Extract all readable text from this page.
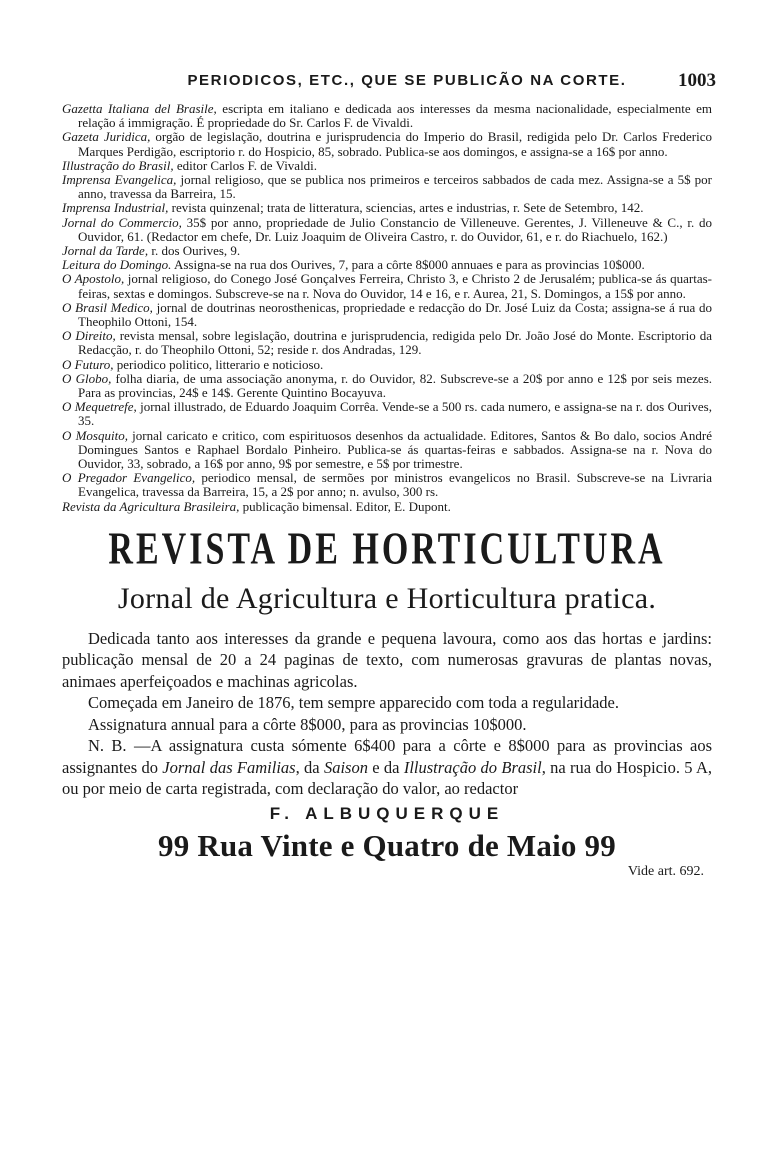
PERIODICOS, ETC., QUE SE PUBLICÃO NA CORTE.	1003

Gazetta Italiana del Brasile, escripta em italiano e dedicada aos interesses da mesma nacionalidade, especialmente em relação á immigração. É propriedade do Sr. Carlos F. de Vivaldi.

Gazeta Juridica, orgão de legislação, doutrina e jurisprudencia do Imperio do Brasil, redigida pelo Dr. Carlos Frederico Marques Perdigão, escriptorio r. do Hospicio, 85, sobrado. Publica-se aos domingos, e assigna-se a 16$ por anno.

Illustração do Brasil, editor Carlos F. de Vivaldi.

Imprensa Evangelica, jornal religioso, que se publica nos primeiros e terceiros sabbados de cada mez. Assigna-se a 5$ por anno, travessa da Barreira, 15.

Imprensa Industrial, revista quinzenal; trata de litteratura, sciencias, artes e industrias, r. Sete de Setembro, 142.

Jornal do Commercio, 35$ por anno, propriedade de Julio Constancio de Villeneuve. Gerentes, J. Villeneuve & C., r. do Ouvidor, 61. (Redactor em chefe, Dr. Luiz Joaquim de Oliveira Castro, r. do Ouvidor, 61, e r. do Riachuelo, 162.)

Jornal da Tarde, r. dos Ourives, 9.

Leitura do Domingo. Assigna-se na rua dos Ourives, 7, para a côrte 8$000 annuaes e para as provincias 10$000.

O Apostolo, jornal religioso, do Conego José Gonçalves Ferreira, Christo 3, e Christo 2 de Jerusalém; publica-se ás quartas-feiras, sextas e domingos. Subscreve-se na r. Nova do Ouvidor, 14 e 16, e r. Aurea, 21, S. Domingos, a 15$ por anno.

O Brasil Medico, jornal de doutrinas neorosthenicas, propriedade e redacção do Dr. José Luiz da Costa; assigna-se á rua do Theophilo Ottoni, 154.

O Direito, revista mensal, sobre legislação, doutrina e jurisprudencia, redigida pelo Dr. João José do Monte. Escriptorio da Redacção, r. do Theophilo Ottoni, 52; reside r. dos Andradas, 129.

O Futuro, periodico politico, litterario e noticioso.

O Globo, folha diaria, de uma associação anonyma, r. do Ouvidor, 82. Subscreve-se a 20$ por anno e 12$ por seis mezes. Para as provincias, 24$ e 14$. Gerente Quintino Bocayuva.

O Mequetrefe, jornal illustrado, de Eduardo Joaquim Corrêa. Vende-se a 500 rs. cada numero, e assigna-se na r. dos Ourives, 35.

O Mosquito, jornal caricato e critico, com espirituosos desenhos da actualidade. Editores, Santos & Bo dalo, socios André Domingues Santos e Raphael Bordalo Pinheiro. Publica-se ás quartas-feiras e sabbados. Assigna-se na r. Nova do Ouvidor, 33, sobrado, a 16$ por anno, 9$ por semestre, e 5$ por trimestre.

O Pregador Evangelico, periodico mensal, de sermões por ministros evangelicos no Brasil. Subscreve-se na Livraria Evangelica, travessa da Barreira, 15, a 2$ por anno; n. avulso, 300 rs.

Revista da Agricultura Brasileira, publicação bimensal. Editor, E. Dupont.

REVISTA DE HORTICULTURA
Jornal de Agricultura e Horticultura pratica.

Dedicada tanto aos interesses da grande e pequena lavoura, como aos das hortas e jardins: publicação mensal de 20 a 24 paginas de texto, com numerosas gravuras de plantas novas, animaes aperfeiçoados e machinas agricolas.

Começada em Janeiro de 1876, tem sempre apparecido com toda a regularidade.

Assignatura annual para a côrte 8$000, para as provincias 10$000.

N. B. —A assignatura custa sómente 6$400 para a côrte e 8$000 para as provincias aos assignantes do Jornal das Familias, da Saison e da Illustração do Brasil, na rua do Hospicio. 5 A, ou por meio de carta registrada, com declaração do valor, ao redactor

F. ALBUQUERQUE
99 Rua Vinte e Quatro de Maio 99
Vide art. 692.
